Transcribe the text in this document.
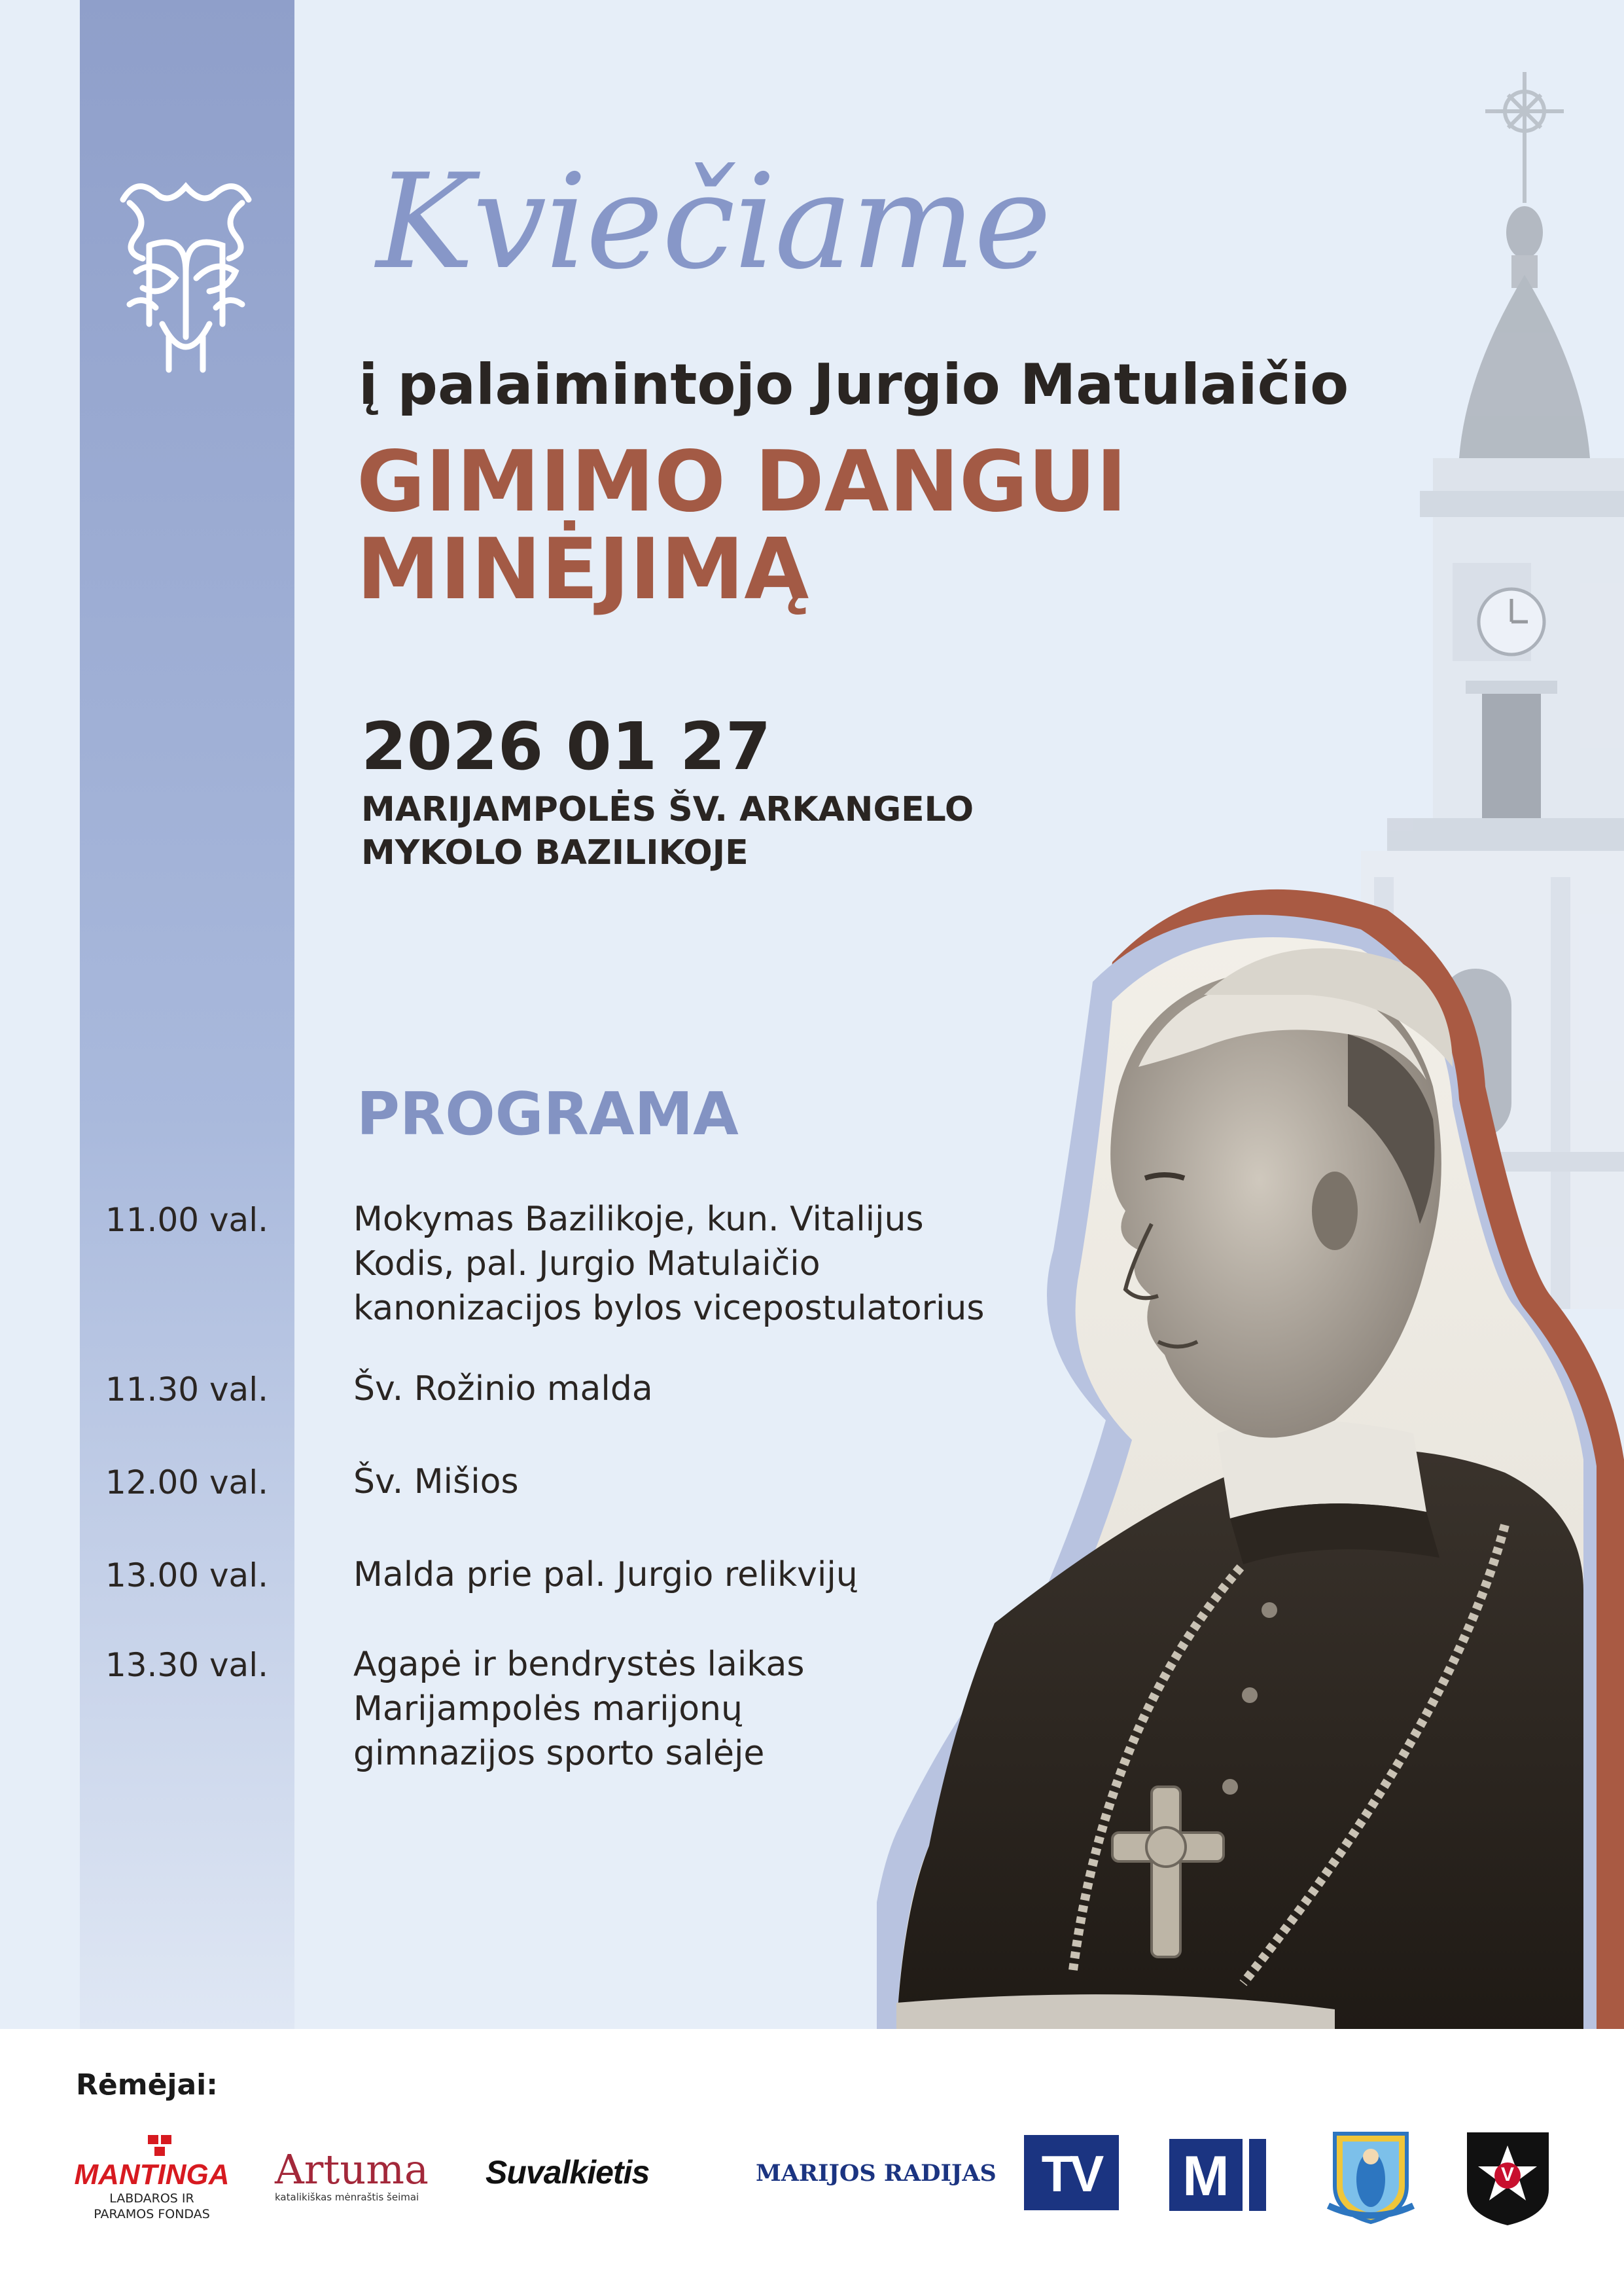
Kviečiame
į palaimintojo Jurgio Matulaičio
GIMIMO DANGUI
MINĖJIMĄ
2026 01 27
MARIJAMPOLĖS ŠV. ARKANGELO
MYKOLO BAZILIKOJE
PROGRAMA
11.00 val.	Mokymas Bazilikoje, kun. Vitalijus
Kodis, pal. Jurgio Matulaičio
kanonizacijos bylos vicepostulatorius
11.30 val.	Šv. Rožinio malda
12.00 val.	Šv. Mišios
13.00 val.	Malda prie pal. Jurgio relikvijų
13.30 val.	Agapė ir bendrystės laikas
Marijampolės marijonų
gimnazijos sporto salėje
Rėmėjai:
MANTINGA
LABDAROS IR
PARAMOS FONDAS
Artuma
katalikiškas mėnraštis šeimai
Suvalkietis	MARIJOS RADIJAS TV	M	V
